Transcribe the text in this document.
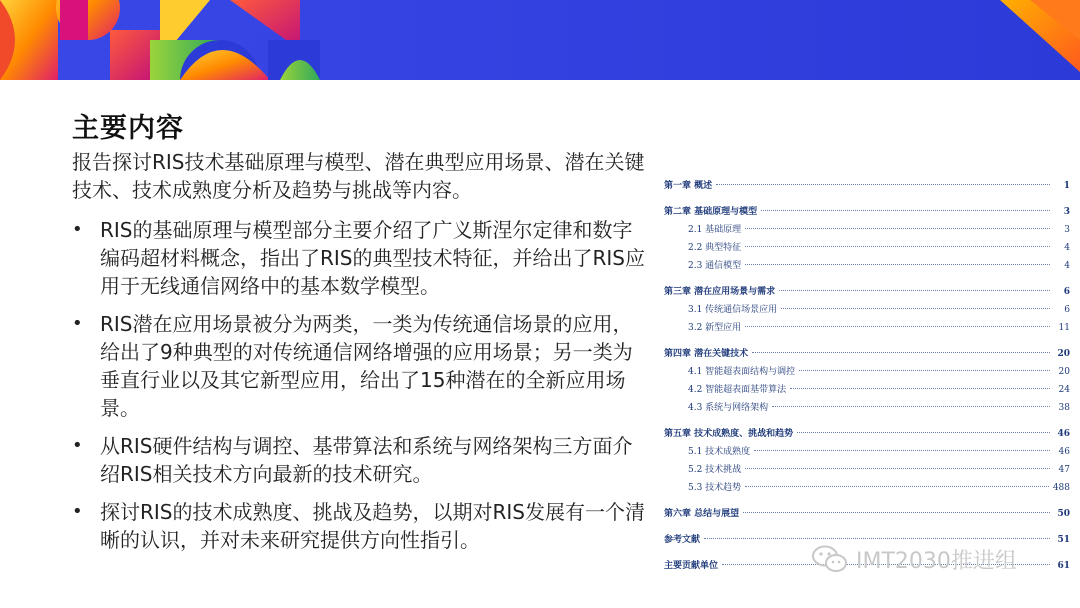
主要内容

报告探讨RIS技术基础原理与模型、潜在典型应用场景、潜在关键技术、技术成熟度分析及趋势与挑战等内容。

• RIS的基础原理与模型部分主要介绍了广义斯涅尔定律和数字编码超材料概念，指出了RIS的典型技术特征，并给出了RIS应用于无线通信网络中的基本数学模型。
• RIS潜在应用场景被分为两类，一类为传统通信场景的应用，给出了9种典型的对传统通信网络增强的应用场景；另一类为垂直行业以及其它新型应用，给出了15种潜在的全新应用场景。
• 从RIS硬件结构与调控、基带算法和系统与网络架构三方面介绍RIS相关技术方向最新的技术研究。
• 探讨RIS的技术成熟度、挑战及趋势，以期对RIS发展有一个清晰的认识，并对未来研究提供方向性指引。
第一章 概述	1
第二章 基础原理与模型	3
2.1 基础原理	3
2.2 典型特征	4
2.3 通信模型	4
第三章 潜在应用场景与需求	6
3.1 传统通信场景应用	6
3.2 新型应用	11
第四章 潜在关键技术	20
4.1 智能超表面结构与调控	20
4.2 智能超表面基带算法	24
4.3 系统与网络架构	38
第五章 技术成熟度、挑战和趋势	46
5.1 技术成熟度	46
5.2 技术挑战	47
5.3 技术趋势	488
第六章 总结与展望	50
参考文献	51
主要贡献单位	61
IMT2030推进组
